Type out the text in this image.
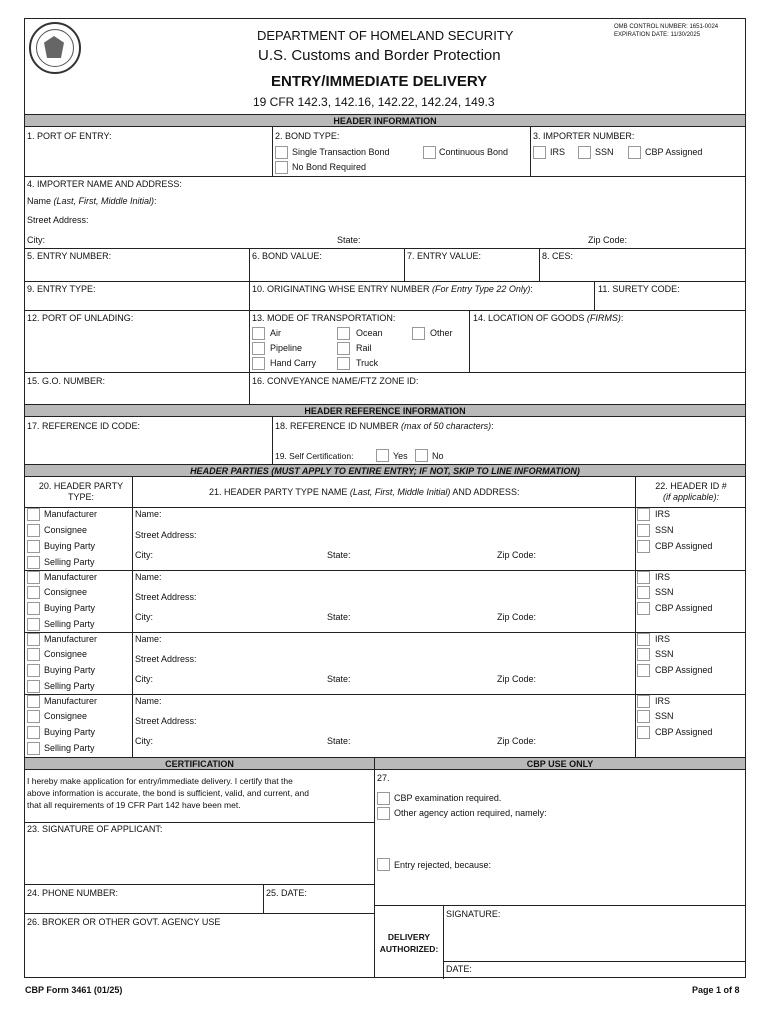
DEPARTMENT OF HOMELAND SECURITY
U.S. Customs and Border Protection
ENTRY/IMMEDIATE DELIVERY
19 CFR 142.3, 142.16, 142.22, 142.24, 149.3
OMB CONTROL NUMBER: 1651-0024
EXPIRATION DATE: 11/30/2025
HEADER INFORMATION
1. PORT OF ENTRY:	2. BOND TYPE:
Single Transaction Bond	Continuous Bond
No Bond Required
3. IMPORTER NUMBER:
IRS	SSN	CBP Assigned
4. IMPORTER NAME AND ADDRESS:
Name (Last, First, Middle Initial):
Street Address:
City:	State:	Zip Code:
5. ENTRY NUMBER:	6. BOND VALUE:	7. ENTRY VALUE:	8. CES:
9. ENTRY TYPE:	10. ORIGINATING WHSE ENTRY NUMBER (For Entry Type 22 Only):	11. SURETY CODE:
12. PORT OF UNLADING:	13. MODE OF TRANSPORTATION:
Air	Ocean	Other
Pipeline	Rail
Hand Carry	Truck
14. LOCATION OF GOODS (FIRMS):
15. G.O. NUMBER:	16. CONVEYANCE NAME/FTZ ZONE ID:
HEADER REFERENCE INFORMATION
17. REFERENCE ID CODE:	18. REFERENCE ID NUMBER (max of 50 characters):
19. Self Certification:	Yes	No
HEADER PARTIES (MUST APPLY TO ENTIRE ENTRY; IF NOT, SKIP TO LINE INFORMATION)
20. HEADER PARTY
TYPE:	21. HEADER PARTY TYPE NAME (Last, First, Middle Initial) AND ADDRESS:
22. HEADER ID #
(if applicable):
Manufacturer
Consignee
Buying Party
Selling Party
Name:
Street Address:
City:	State:	Zip Code:
IRS
SSN
CBP Assigned
Manufacturer
Consignee
Buying Party
Selling Party
Name:
Street Address:
City:	State:	Zip Code:
IRS
SSN
CBP Assigned
Manufacturer
Consignee
Buying Party
Selling Party
Name:
Street Address:
City:	State:	Zip Code:
IRS
SSN
CBP Assigned
Manufacturer
Consignee
Buying Party
Selling Party
Name:
Street Address:
City:	State:	Zip Code:
IRS
SSN
CBP Assigned
CERTIFICATION	CBP USE ONLY
I hereby make application for entry/immediate delivery. I certify that the
above information is accurate, the bond is sufficient, valid, and current, and
that all requirements of 19 CFR Part 142 have been met.
23. SIGNATURE OF APPLICANT:
24. PHONE NUMBER:	25. DATE:
26. BROKER OR OTHER GOVT. AGENCY USE
27.
CBP examination required.
Other agency action required, namely:
Entry rejected, because:
DELIVERY
AUTHORIZED:
SIGNATURE:
DATE:
CBP Form 3461 (01/25)	Page 1 of 8
